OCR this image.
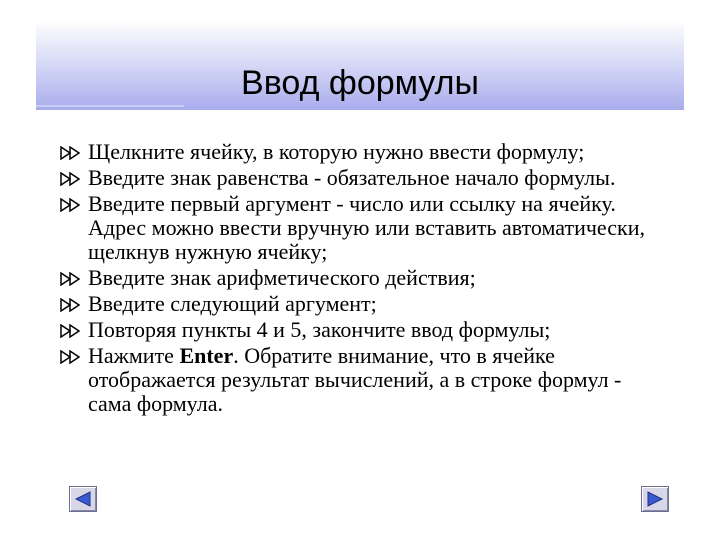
Ввод формулы
Щелкните ячейку, в которую нужно ввести формулу;
Введите знак равенства - обязательное начало формулы.
Введите первый аргумент - число или ссылку на ячейку. Адрес можно ввести вручную или вставить автоматически, щелкнув нужную ячейку;
Введите знак арифметического действия;
Введите следующий аргумент;
Повторяя пункты 4 и 5, закончите ввод формулы;
Нажмите Enter. Обратите внимание, что в ячейке отображается результат вычислений, а в строке формул - сама формула.
